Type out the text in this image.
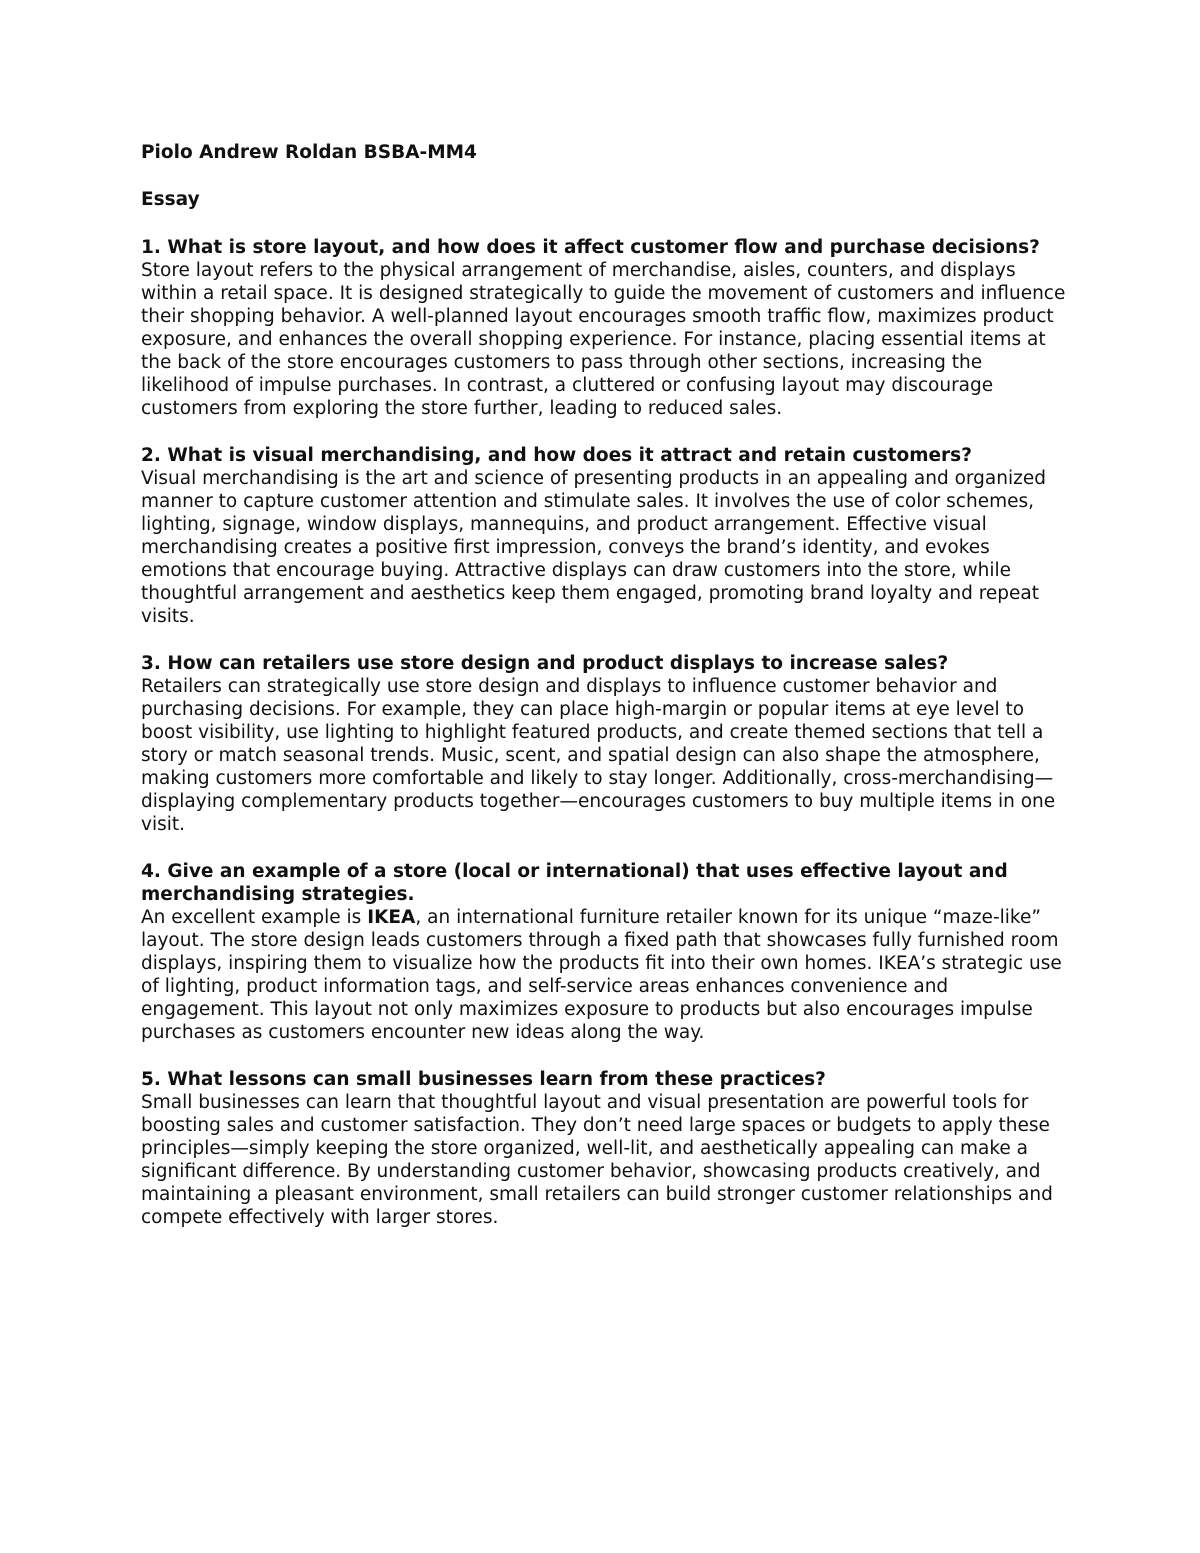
Piolo Andrew Roldan BSBA-MM4

Essay

1. What is store layout, and how does it affect customer flow and purchase decisions?

Store layout refers to the physical arrangement of merchandise, aisles, counters, and displays within a retail space. It is designed strategically to guide the movement of customers and influence their shopping behavior. A well-planned layout encourages smooth traffic flow, maximizes product exposure, and enhances the overall shopping experience. For instance, placing essential items at the back of the store encourages customers to pass through other sections, increasing the likelihood of impulse purchases. In contrast, a cluttered or confusing layout may discourage customers from exploring the store further, leading to reduced sales.

2. What is visual merchandising, and how does it attract and retain customers?

Visual merchandising is the art and science of presenting products in an appealing and organized manner to capture customer attention and stimulate sales. It involves the use of color schemes, lighting, signage, window displays, mannequins, and product arrangement. Effective visual merchandising creates a positive first impression, conveys the brand’s identity, and evokes emotions that encourage buying. Attractive displays can draw customers into the store, while thoughtful arrangement and aesthetics keep them engaged, promoting brand loyalty and repeat visits.

3. How can retailers use store design and product displays to increase sales?

Retailers can strategically use store design and displays to influence customer behavior and purchasing decisions. For example, they can place high-margin or popular items at eye level to boost visibility, use lighting to highlight featured products, and create themed sections that tell a story or match seasonal trends. Music, scent, and spatial design can also shape the atmosphere, making customers more comfortable and likely to stay longer. Additionally, cross-merchandising—displaying complementary products together—encourages customers to buy multiple items in one visit.

4. Give an example of a store (local or international) that uses effective layout and merchandising strategies.

An excellent example is IKEA, an international furniture retailer known for its unique “maze-like” layout. The store design leads customers through a fixed path that showcases fully furnished room displays, inspiring them to visualize how the products fit into their own homes. IKEA’s strategic use of lighting, product information tags, and self-service areas enhances convenience and engagement. This layout not only maximizes exposure to products but also encourages impulse purchases as customers encounter new ideas along the way.

5. What lessons can small businesses learn from these practices?

Small businesses can learn that thoughtful layout and visual presentation are powerful tools for boosting sales and customer satisfaction. They don’t need large spaces or budgets to apply these principles—simply keeping the store organized, well-lit, and aesthetically appealing can make a significant difference. By understanding customer behavior, showcasing products creatively, and maintaining a pleasant environment, small retailers can build stronger customer relationships and compete effectively with larger stores.
